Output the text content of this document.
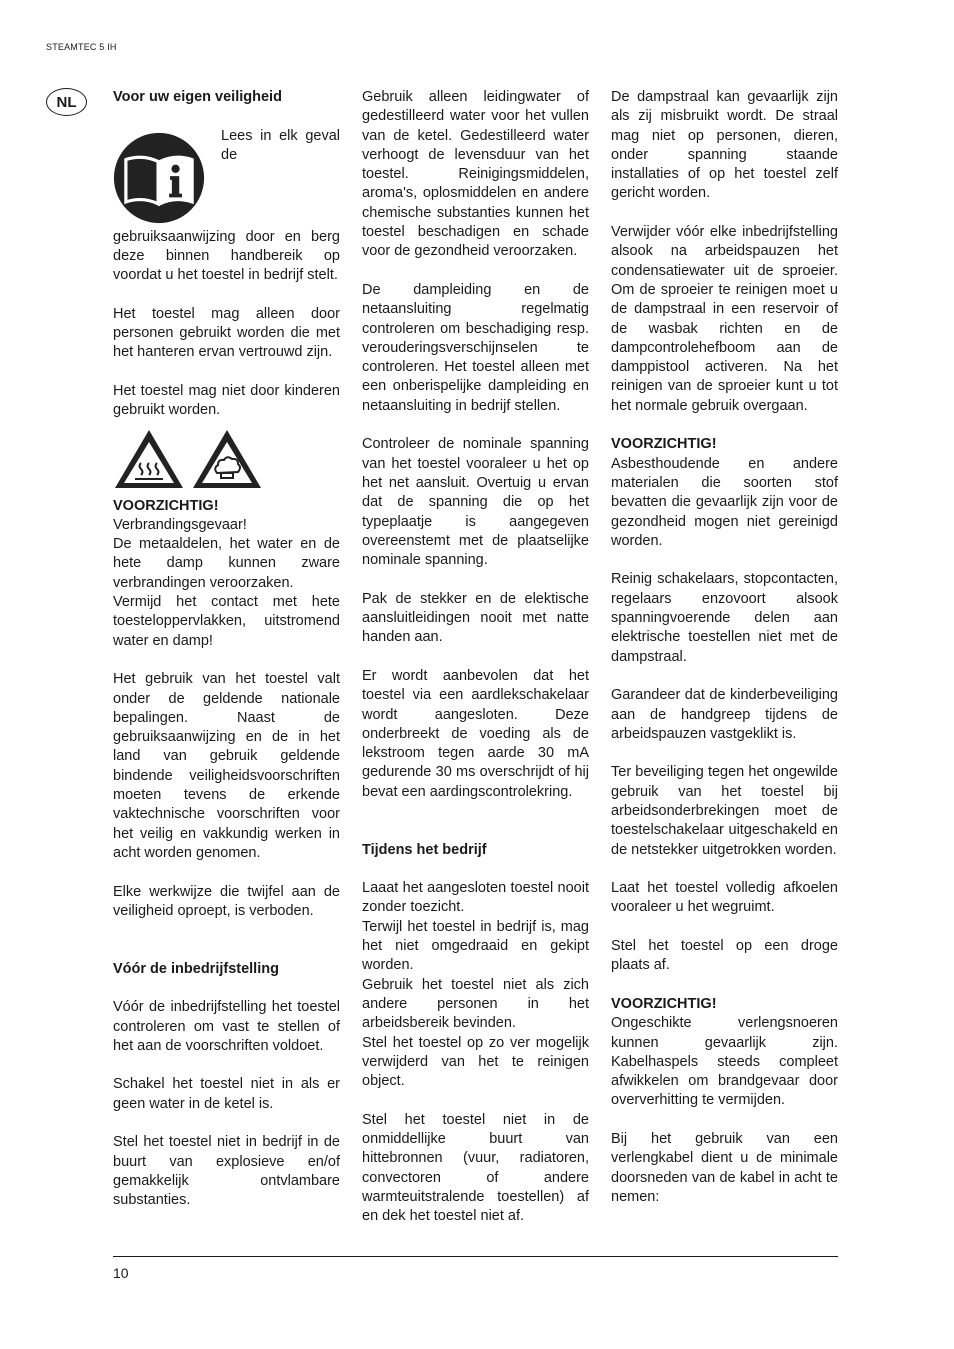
STEAMTEC 5 IH
NL	Voor uw eigen veiligheid
Lees in elk geval de gebruiksaanwijzing door en berg deze binnen handbereik op voordat u het toestel in bedrijf stelt.
Het toestel mag alleen door personen gebruikt worden die met het hanteren ervan vertrouwd zijn.
Het toestel mag niet door kinderen gebruikt worden.
VOORZICHTIG!
Verbrandingsgevaar!
De metaaldelen, het water en de hete damp kunnen zware verbrandingen veroorzaken.
Vermijd het contact met hete toesteloppervlakken, uitstromend water en damp!
Het gebruik van het toestel valt onder de geldende nationale bepalingen. Naast de gebruiksaanwijzing en de in het land van gebruik geldende bindende veiligheidsvoorschriften moeten tevens de erkende vaktechnische voorschriften voor het veilig en vakkundig werken in acht worden genomen.
Elke werkwijze die twijfel aan de veiligheid oproept, is verboden.
Vóór de inbedrijfstelling
Vóór de inbedrijfstelling het toestel controleren om vast te stellen of het aan de voorschriften voldoet.
Schakel het toestel niet in als er geen water in de ketel is.
Stel het toestel niet in bedrijf in de buurt van explosieve en/of gemakkelijk ontvlambare substanties.
Gebruik alleen leidingwater of gedestilleerd water voor het vullen van de ketel. Gedestilleerd water verhoogt de levensduur van het toestel. Reinigingsmiddelen, aroma's, oplosmiddelen en andere chemische substanties kunnen het toestel beschadigen en schade voor de gezondheid veroorzaken.
De dampleiding en de netaansluiting regelmatig controleren om beschadiging resp. verouderingsverschijnselen te controleren. Het toestel alleen met een onberispelijke dampleiding en netaansluiting in bedrijf stellen.
Controleer de nominale spanning van het toestel vooraleer u het op het net aansluit. Overtuig u ervan dat de spanning die op het typeplaatje is aangegeven overeenstemt met de plaatselijke nominale spanning.
Pak de stekker en de elektische aansluitleidingen nooit met natte handen aan.
Er wordt aanbevolen dat het toestel via een aardlekschakelaar wordt aangesloten. Deze onderbreekt de voeding als de lekstroom tegen aarde 30 mA gedurende 30 ms overschrijdt of hij bevat een aardingscontrolekring.
Tijdens het bedrijf
Laaat het aangesloten toestel nooit zonder toezicht.
Terwijl het toestel in bedrijf is, mag het niet omgedraaid en gekipt worden.
Gebruik het toestel niet als zich andere personen in het arbeidsbereik bevinden.
Stel het toestel op zo ver mogelijk verwijderd van het te reinigen object.
Stel het toestel niet in de onmiddellijke buurt van hittebronnen (vuur, radiatoren, convectoren of andere warmteuitstralende toestellen) af en dek het toestel niet af.
De dampstraal kan gevaarlijk zijn als zij misbruikt wordt. De straal mag niet op personen, dieren, onder spanning staande installaties of op het toestel zelf gericht worden.
Verwijder vóór elke inbedrijfstelling alsook na arbeidspauzen het condensatiewater uit de sproeier. Om de sproeier te reinigen moet u de dampstraal in een reservoir of de wasbak richten en de dampcontrolehefboom aan de damppistool activeren. Na het reinigen van de sproeier kunt u tot het normale gebruik overgaan.
VOORZICHTIG!
Asbesthoudende en andere materialen die soorten stof bevatten die gevaarlijk zijn voor de gezondheid mogen niet gereinigd worden.
Reinig schakelaars, stopcontacten, regelaars enzovoort alsook spanningvoerende delen aan elektrische toestellen niet met de dampstraal.
Garandeer dat de kinderbeveiliging aan de handgreep tijdens de arbeidspauzen vastgeklikt is.
Ter beveiliging tegen het ongewilde gebruik van het toestel bij arbeidsonderbrekingen moet de toestelschakelaar uitgeschakeld en de netstekker uitgetrokken worden.
Laat het toestel volledig afkoelen vooraleer u het wegruimt.
Stel het toestel op een droge plaats af.
VOORZICHTIG!
Ongeschikte verlengsnoeren kunnen gevaarlijk zijn. Kabelhaspels steeds compleet afwikkelen om brandgevaar door oververhitting te vermijden.
Bij het gebruik van een verlengkabel dient u de minimale doorsneden van de kabel in acht te nemen:
10
